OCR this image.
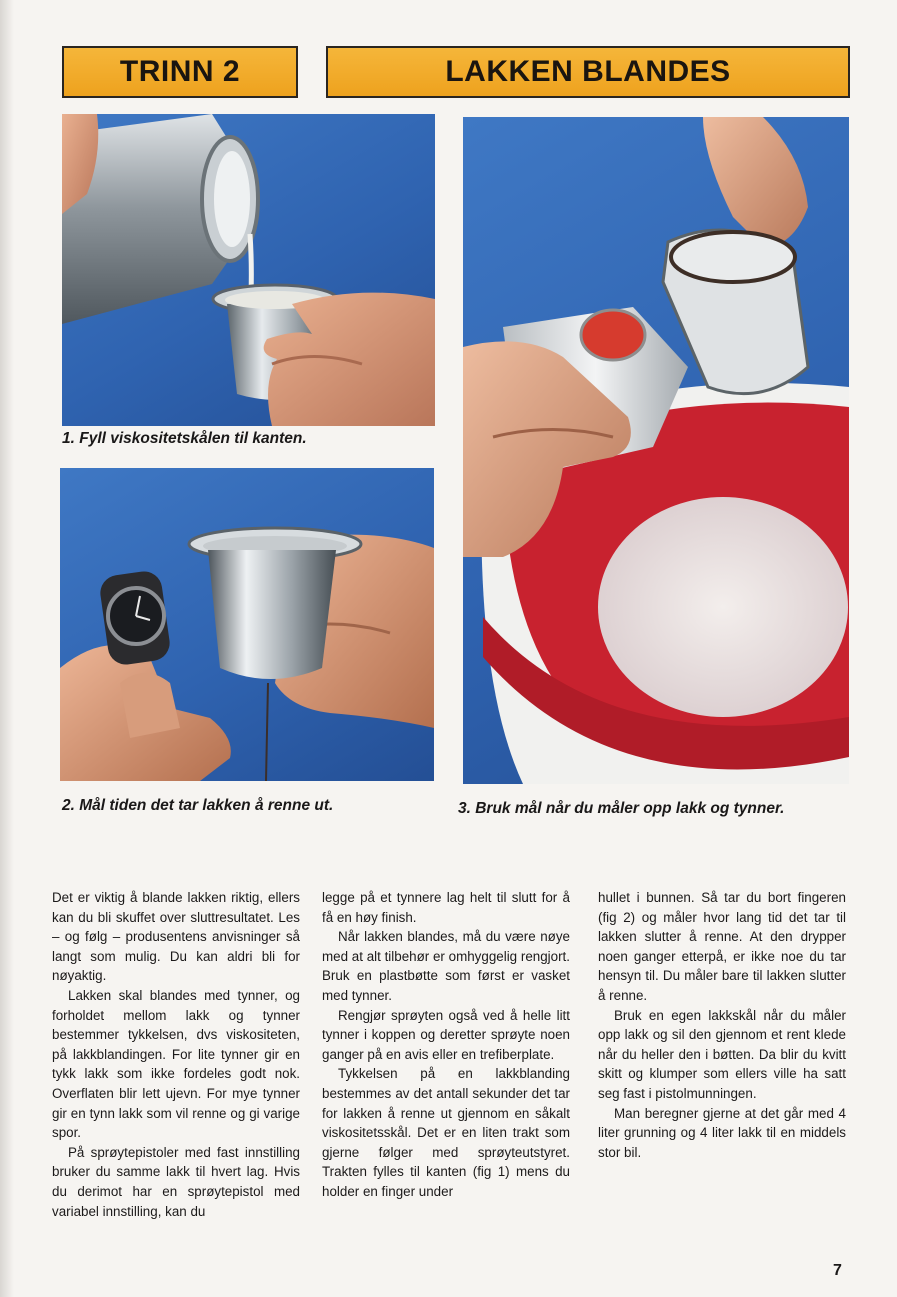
TRINN 2	LAKKEN BLANDES
1. Fyll viskositetskålen til kanten.
2. Mål tiden det tar lakken å renne ut.	3. Bruk mål når du måler opp lakk og tynner.

Det er viktig å blande lakken riktig, ellers kan du bli skuffet over sluttresultatet. Les – og følg – produsentens anvisninger så langt som mulig. Du kan aldri bli for nøyaktig.

Lakken skal blandes med tynner, og forholdet mellom lakk og tynner bestemmer tykkelsen, dvs viskositeten, på lakkblandingen. For lite tynner gir en tykk lakk som ikke fordeles godt nok. Overflaten blir lett ujevn. For mye tynner gir en tynn lakk som vil renne og gi varige spor.

På sprøytepistoler med fast innstilling bruker du samme lakk til hvert lag. Hvis du derimot har en sprøytepistol med variabel innstilling, kan du

legge på et tynnere lag helt til slutt for å få en høy finish.

Når lakken blandes, må du være nøye med at alt tilbehør er omhyggelig rengjort. Bruk en plastbøtte som først er vasket med tynner.

Rengjør sprøyten også ved å helle litt tynner i koppen og deretter sprøyte noen ganger på en avis eller en trefiberplate.

Tykkelsen på en lakkblanding bestemmes av det antall sekunder det tar for lakken å renne ut gjennom en såkalt viskositetsskål. Det er en liten trakt som gjerne følger med sprøyteutstyret. Trakten fylles til kanten (fig 1) mens du holder en finger under

hullet i bunnen. Så tar du bort fingeren (fig 2) og måler hvor lang tid det tar til lakken slutter å renne. At den drypper noen ganger etterpå, er ikke noe du tar hensyn til. Du måler bare til lakken slutter å renne.

Bruk en egen lakkskål når du måler opp lakk og sil den gjennom et rent klede når du heller den i bøtten. Da blir du kvitt skitt og klumper som ellers ville ha satt seg fast i pistolmunningen.

Man beregner gjerne at det går med 4 liter grunning og 4 liter lakk til en middels stor bil.

7
